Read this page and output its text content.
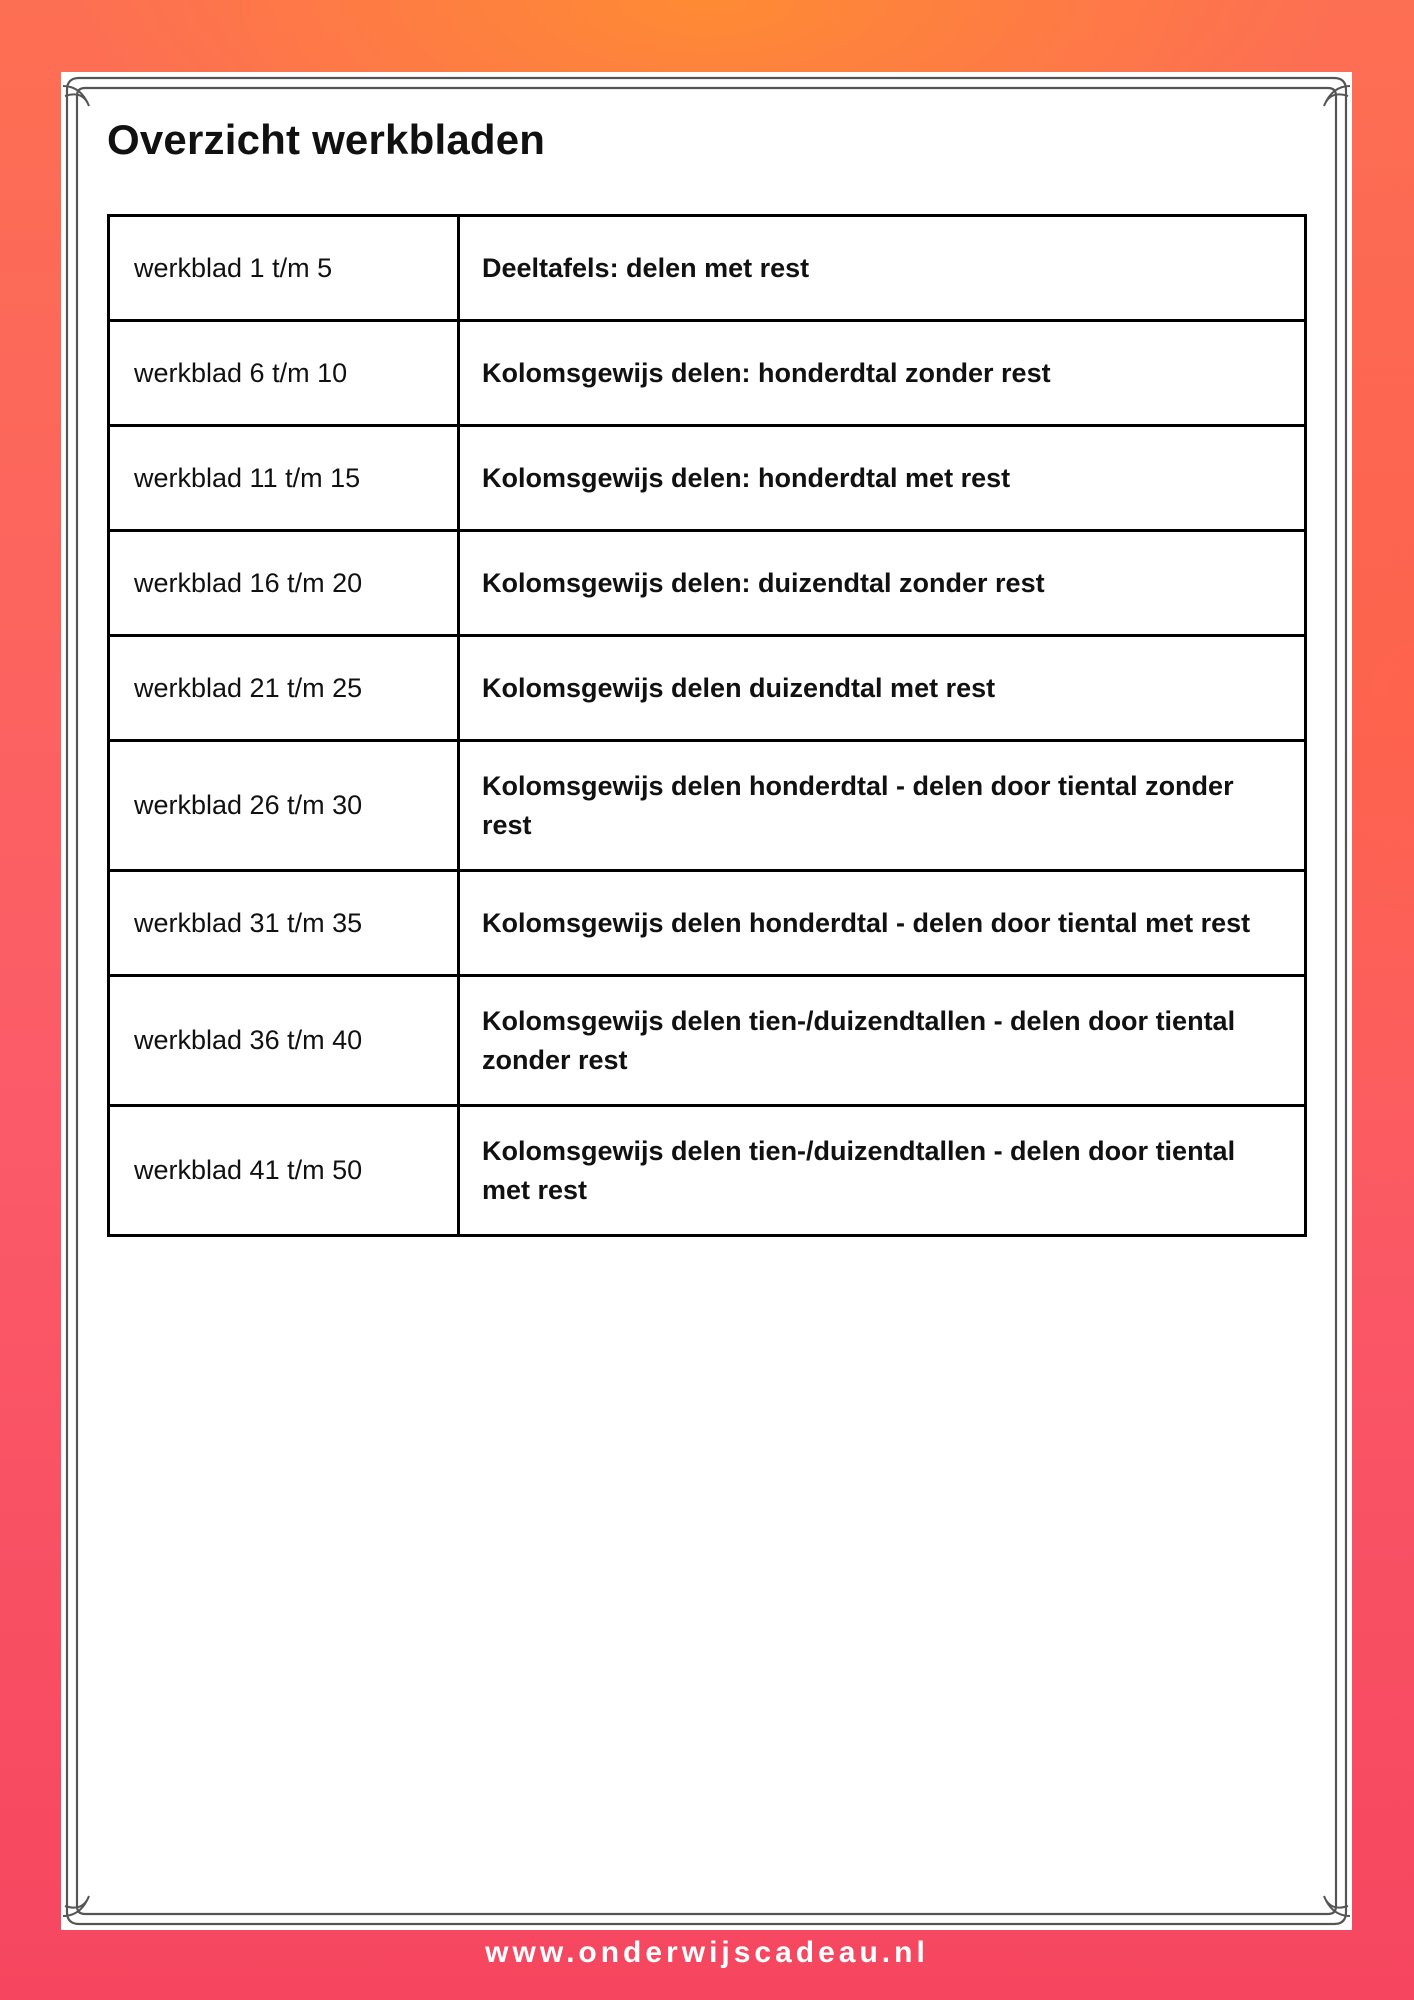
Overzicht werkbladen
werkblad 1 t/m 5	Deeltafels: delen met rest
werkblad 6 t/m 10	Kolomsgewijs delen: honderdtal zonder rest
werkblad 11 t/m 15	Kolomsgewijs delen: honderdtal met rest
werkblad 16 t/m 20	Kolomsgewijs delen: duizendtal zonder rest
werkblad 21 t/m 25	Kolomsgewijs delen duizendtal met rest
werkblad 26 t/m 30	Kolomsgewijs delen honderdtal - delen door tiental zonder rest
werkblad 31 t/m 35	Kolomsgewijs delen honderdtal - delen door tiental met rest
werkblad 36 t/m 40	Kolomsgewijs delen tien-/duizendtallen - delen door tiental zonder rest
werkblad 41 t/m 50	Kolomsgewijs delen tien-/duizendtallen - delen door tiental met rest
www.onderwijscadeau.nl
